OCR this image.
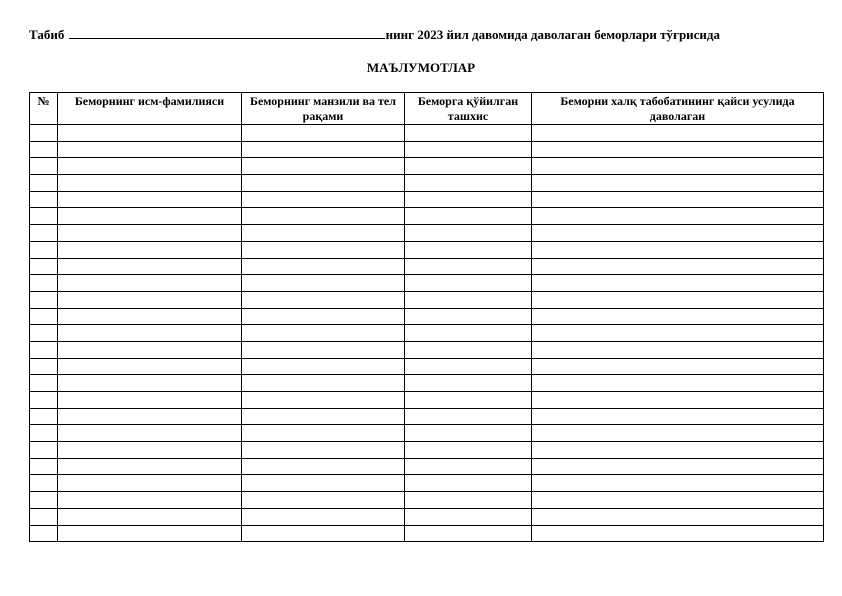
Табиб	нинг 2023 йил давомида даволаган беморлари тўғрисида
МАЪЛУМОТЛАР
№	Беморнинг исм-фамилияси	Беморнинг манзили ва тел рақами	Беморга қўйилган ташхис	Беморни халқ табобатининг қайси усулида даволаган
